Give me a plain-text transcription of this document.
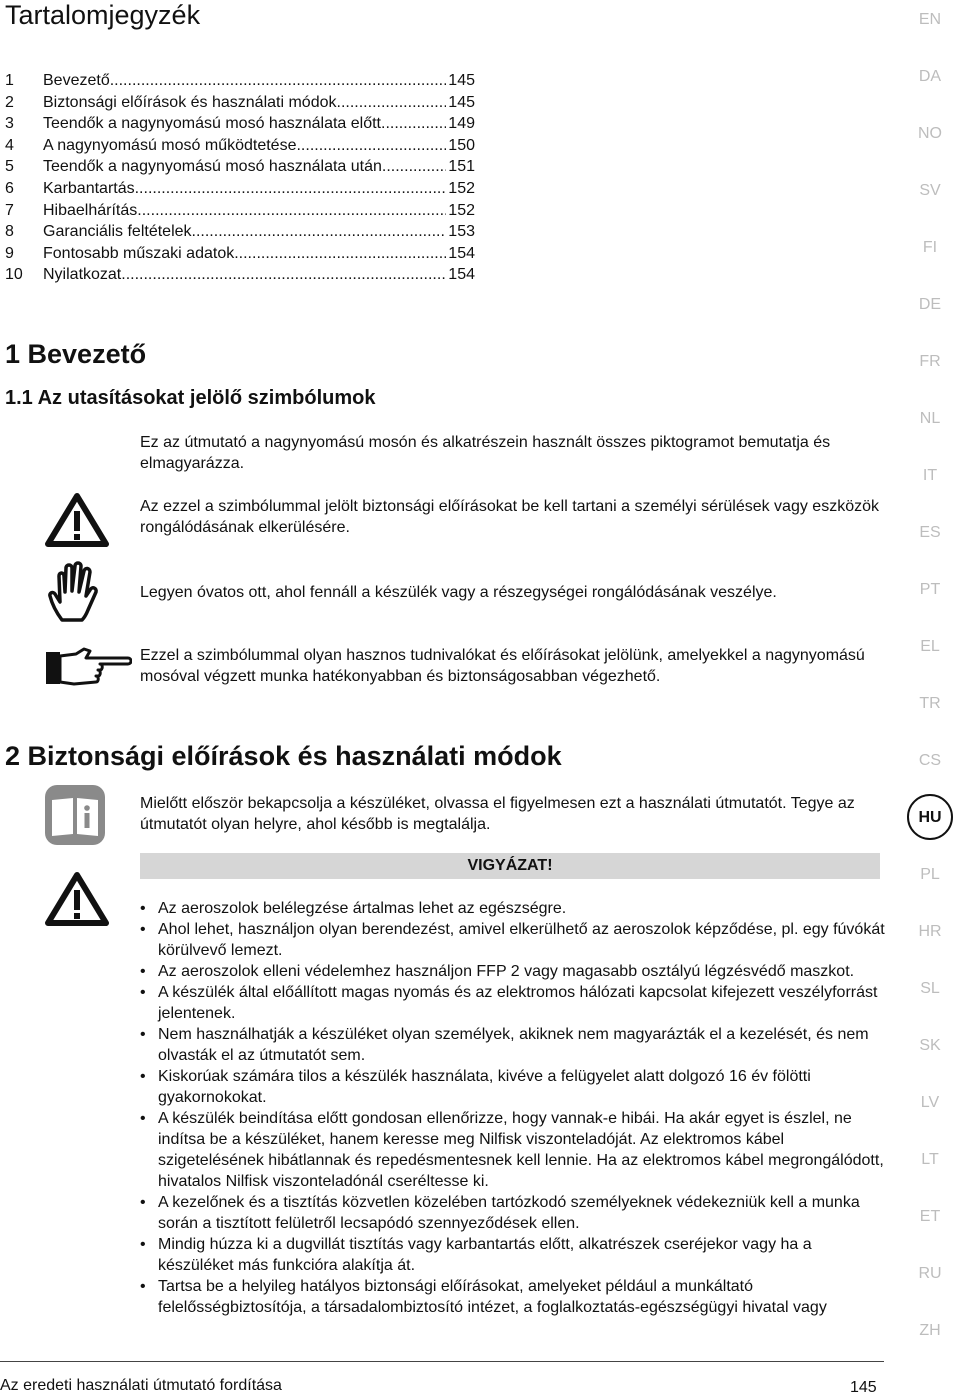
Tartalomjegyzék
1	Bevezető .....	145
2	Biztonsági előírások és használati módok .....	145
3	Teendők a nagynyomású mosó használata előtt .....	149
4	A nagynyomású mosó működtetése .....	150
5	Teendők a nagynyomású mosó használata után .....	151
6	Karbantartás .....	152
7	Hibaelhárítás .....	152
8	Garanciális feltételek .....	153
9	Fontosabb műszaki adatok .....	154
10	Nyilatkozat .....	154
1 Bevezető
1.1 Az utasításokat jelölő szimbólumok

Ez az útmutató a nagynyomású mosón és alkatrészein használt összes piktogramot bemutatja és elmagyarázza.

Az ezzel a szimbólummal jelölt biztonsági előírásokat be kell tartani a személyi sérülések vagy eszközök rongálódásának elkerülésére.

Legyen óvatos ott, ahol fennáll a készülék vagy a részegységei rongálódásának veszélye.

Ezzel a szimbólummal olyan hasznos tudnivalókat és előírásokat jelölünk, amelyekkel a nagynyomású mosóval végzett munka hatékonyabban és biztonságosabban végezhető.

2 Biztonsági előírások és használati módok

Mielőtt először bekapcsolja a készüléket, olvassa el figyelmesen ezt a használati útmutatót. Tegye az útmutatót olyan helyre, ahol később is megtalálja.

VIGYÁZAT!
• Az aeroszolok belélegzése ártalmas lehet az egészségre.
• Ahol lehet, használjon olyan berendezést, amivel elkerülhető az aeroszolok képződése, pl. egy fúvókát körülvevő lemezt.
• Az aeroszolok elleni védelemhez használjon FFP 2 vagy magasabb osztályú légzésvédő maszkot.
• A készülék által előállított magas nyomás és az elektromos hálózati kapcsolat kifejezett veszélyforrást jelentenek.
• Nem használhatják a készüléket olyan személyek, akiknek nem magyarázták el a kezelését, és nem olvasták el az útmutatót sem.
• Kiskorúak számára tilos a készülék használata, kivéve a felügyelet alatt dolgozó 16 év fölötti gyakornokokat.
• A készülék beindítása előtt gondosan ellenőrizze, hogy vannak-e hibái. Ha akár egyet is észlel, ne indítsa be a készüléket, hanem keresse meg Nilfisk viszonteladóját. Az elektromos kábel szigetelésének hibátlannak és repedésmentesnek kell lennie. Ha az elektromos kábel megrongálódott, hivatalos Nilfisk viszonteladónál cseréltesse ki.
• A kezelőnek és a tisztítás közvetlen közelében tartózkodó személyeknek védekezniük kell a munka során a tisztított felületről lecsapódó szennyeződések ellen.
• Mindig húzza ki a dugvillát tisztítás vagy karbantartás előtt, alkatrészek cseréjekor vagy ha a készüléket más funkcióra alakítja át.
• Tartsa be a helyileg hatályos biztonsági előírásokat, amelyeket például a munkáltató felelősségbiztosítója, a társadalombiztosító intézet, a foglalkoztatás-egészségügyi hivatal vagy
EN
DA
NO
SV
FI
DE
FR
NL
IT
ES
PT
EL
TR
CS
HU
PL
HR
SL
SK
LV
LT
ET
RU
ZH
Az eredeti használati útmutató fordítása	145
